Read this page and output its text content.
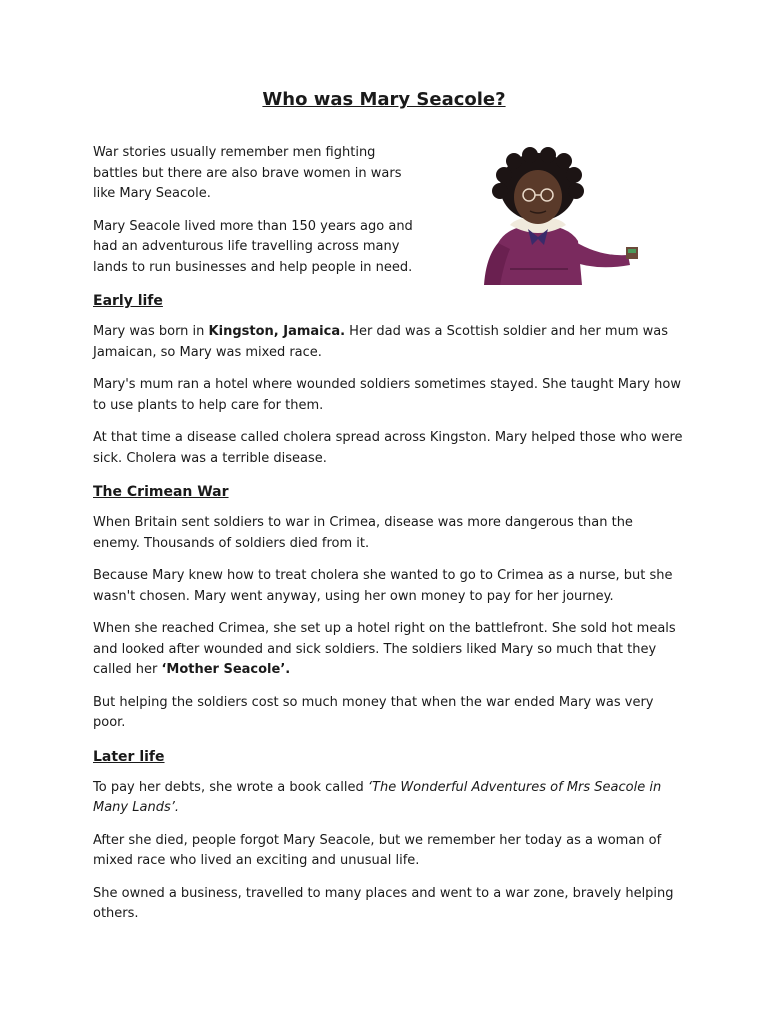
Who was Mary Seacole?

War stories usually remember men fighting battles but there are also brave women in wars like Mary Seacole.

Mary Seacole lived more than 150 years ago and had an adventurous life travelling across many lands to run businesses and help people in need.

Early life

Mary was born in Kingston, Jamaica. Her dad was a Scottish soldier and her mum was Jamaican, so Mary was mixed race.

Mary's mum ran a hotel where wounded soldiers sometimes stayed. She taught Mary how to use plants to help care for them.

At that time a disease called cholera spread across Kingston. Mary helped those who were sick. Cholera was a terrible disease.

The Crimean War

When Britain sent soldiers to war in Crimea, disease was more dangerous than the enemy. Thousands of soldiers died from it.

Because Mary knew how to treat cholera she wanted to go to Crimea as a nurse, but she wasn't chosen. Mary went anyway, using her own money to pay for her journey.

When she reached Crimea, she set up a hotel right on the battlefront. She sold hot meals and looked after wounded and sick soldiers. The soldiers liked Mary so much that they called her ‘Mother Seacole’.

But helping the soldiers cost so much money that when the war ended Mary was very poor.

Later life

To pay her debts, she wrote a book called ‘The Wonderful Adventures of Mrs Seacole in Many Lands’.

After she died, people forgot Mary Seacole, but we remember her today as a woman of mixed race who lived an exciting and unusual life.

She owned a business, travelled to many places and went to a war zone, bravely helping others.
